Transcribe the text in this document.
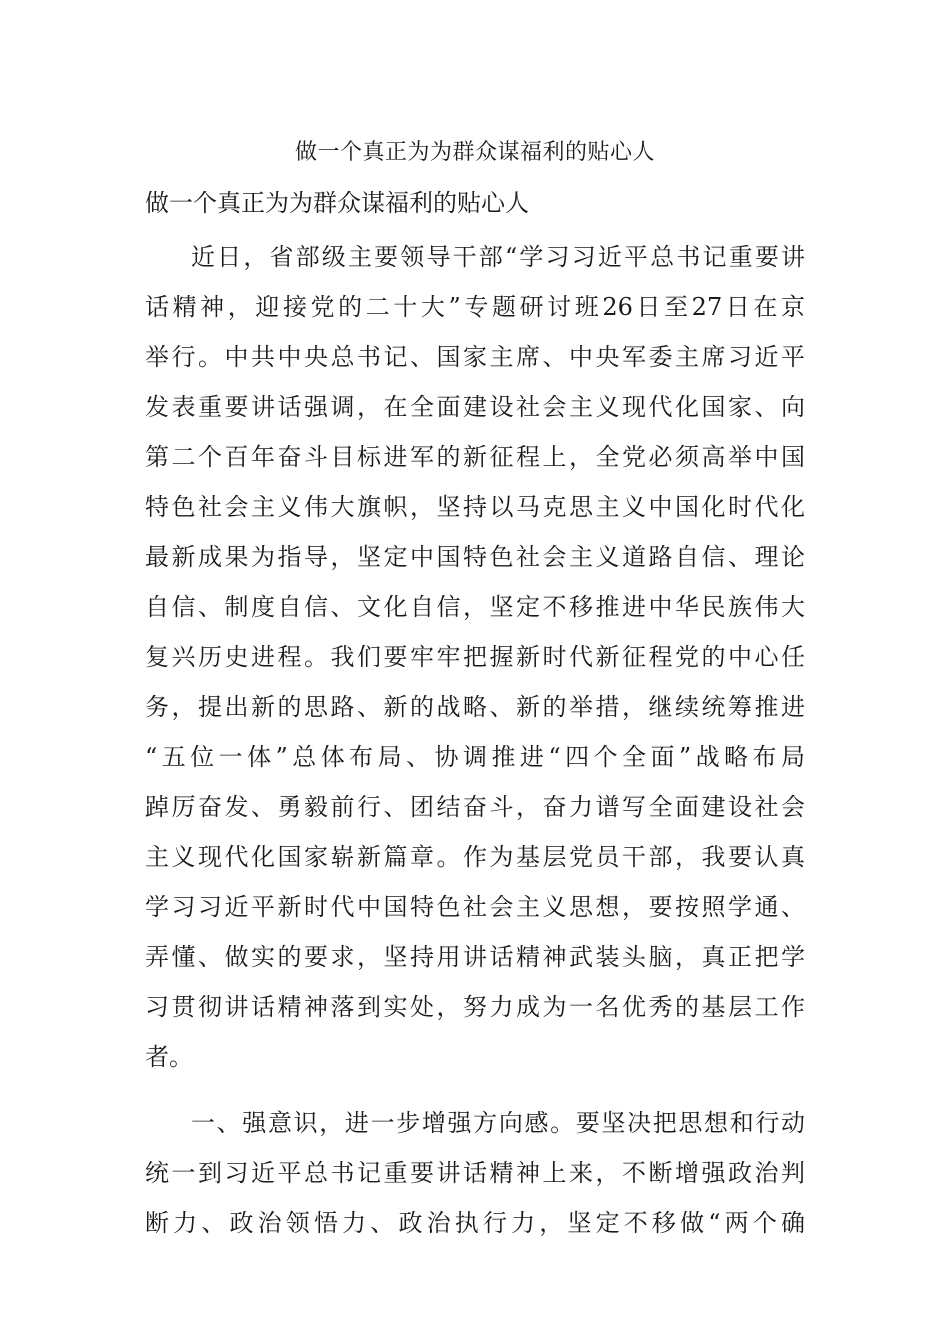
做一个真正为为群众谋福利的贴心人
做一个真正为为群众谋福利的贴心人
近日，省部级主要领导干部“学习习近平总书记重要讲
话精神，迎接党的二十大”专题研讨班26日至27日在京
举行。中共中央总书记、国家主席、中央军委主席习近平
发表重要讲话强调，在全面建设社会主义现代化国家、向
第二个百年奋斗目标进军的新征程上，全党必须高举中国
特色社会主义伟大旗帜，坚持以马克思主义中国化时代化
最新成果为指导，坚定中国特色社会主义道路自信、理论
自信、制度自信、文化自信，坚定不移推进中华民族伟大
复兴历史进程。我们要牢牢把握新时代新征程党的中心任
务，提出新的思路、新的战略、新的举措，继续统筹推进
“五位一体”总体布局、协调推进“四个全面”战略布局
踔厉奋发、勇毅前行、团结奋斗，奋力谱写全面建设社会
主义现代化国家崭新篇章。作为基层党员干部，我要认真
学习习近平新时代中国特色社会主义思想，要按照学通、
弄懂、做实的要求，坚持用讲话精神武装头脑，真正把学
习贯彻讲话精神落到实处，努力成为一名优秀的基层工作
者。
一、强意识，进一步增强方向感。要坚决把思想和行动
统一到习近平总书记重要讲话精神上来，不断增强政治判
断力、政治领悟力、政治执行力，坚定不移做“两个确
